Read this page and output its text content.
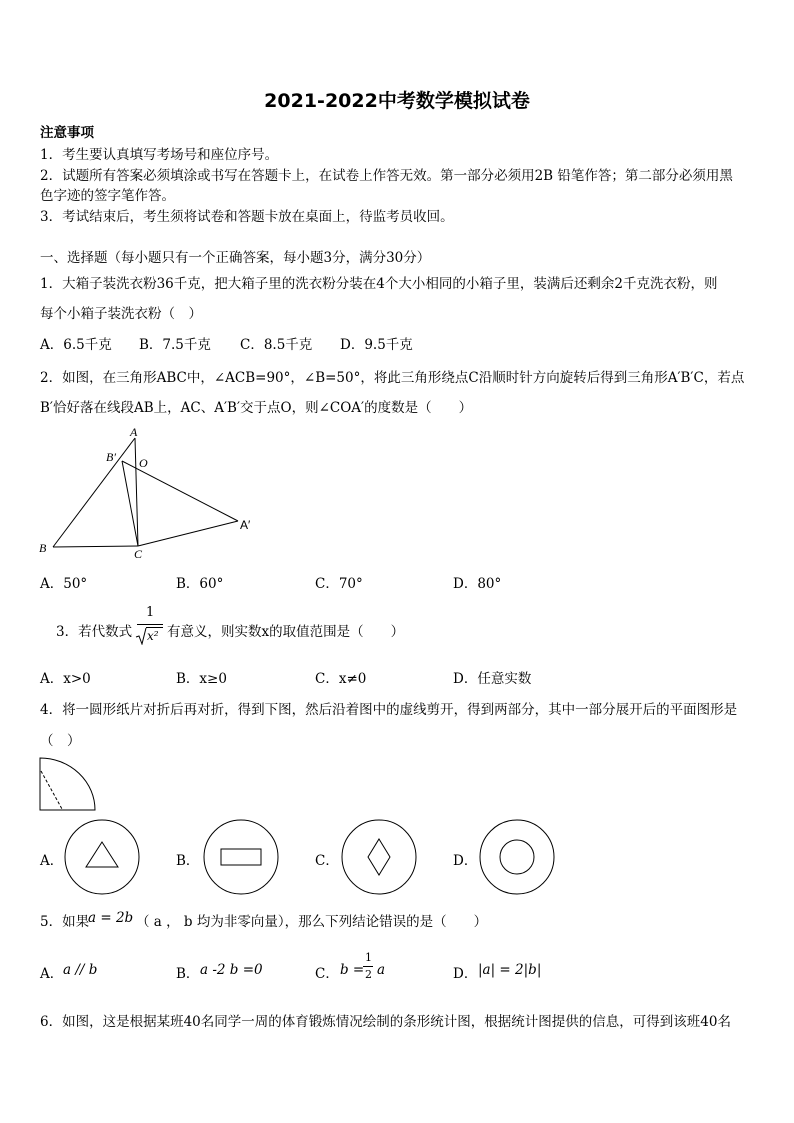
2021-2022中考数学模拟试卷
注意事项
1．考生要认真填写考场号和座位序号。
2．试题所有答案必须填涂或书写在答题卡上，在试卷上作答无效。第一部分必须用2B 铅笔作答；第二部分必须用黑
色字迹的签字笔作答。
3．考试结束后，考生须将试卷和答题卡放在桌面上，待监考员收回。
一、选择题（每小题只有一个正确答案，每小题3分，满分30分）
1．大箱子装洗衣粉36千克，把大箱子里的洗衣粉分装在4个大小相同的小箱子里，装满后还剩余2千克洗衣粉，则
每个小箱子装洗衣粉（　）
A．6.5千克 B．7.5千克 C．8.5千克 D．9.5千克
2．如图，在三角形ABC中，∠ACB=90°，∠B=50°，将此三角形绕点C沿顺时针方向旋转后得到三角形A′B′C，若点
B′恰好落在线段AB上，AC、A′B′交于点O，则∠COA′的度数是（　　）
A
B′ O
A′
B	C
A．50°	B．60°	C．70°	D．80°
3．若代数式
1
x² 有意义，则实数x的取值范围是（　　）
A．x>0	B．x≥0	C．x≠0	D．任意实数
4．将一圆形纸片对折后再对折，得到下图，然后沿着图中的虚线剪开，得到两部分，其中一部分展开后的平面图形是
（　）
A．	B．	C．	D．
5．如果
a = 2b （ a ， b 均为非零向量），那么下列结论错误的是（　　）
A． a // b	B． a -2 b =0	C． b =
1
2 a	D． |a| = 2|b|
6．如图，这是根据某班40名同学一周的体育锻炼情况绘制的条形统计图，根据统计图提供的信息，可得到该班40名
